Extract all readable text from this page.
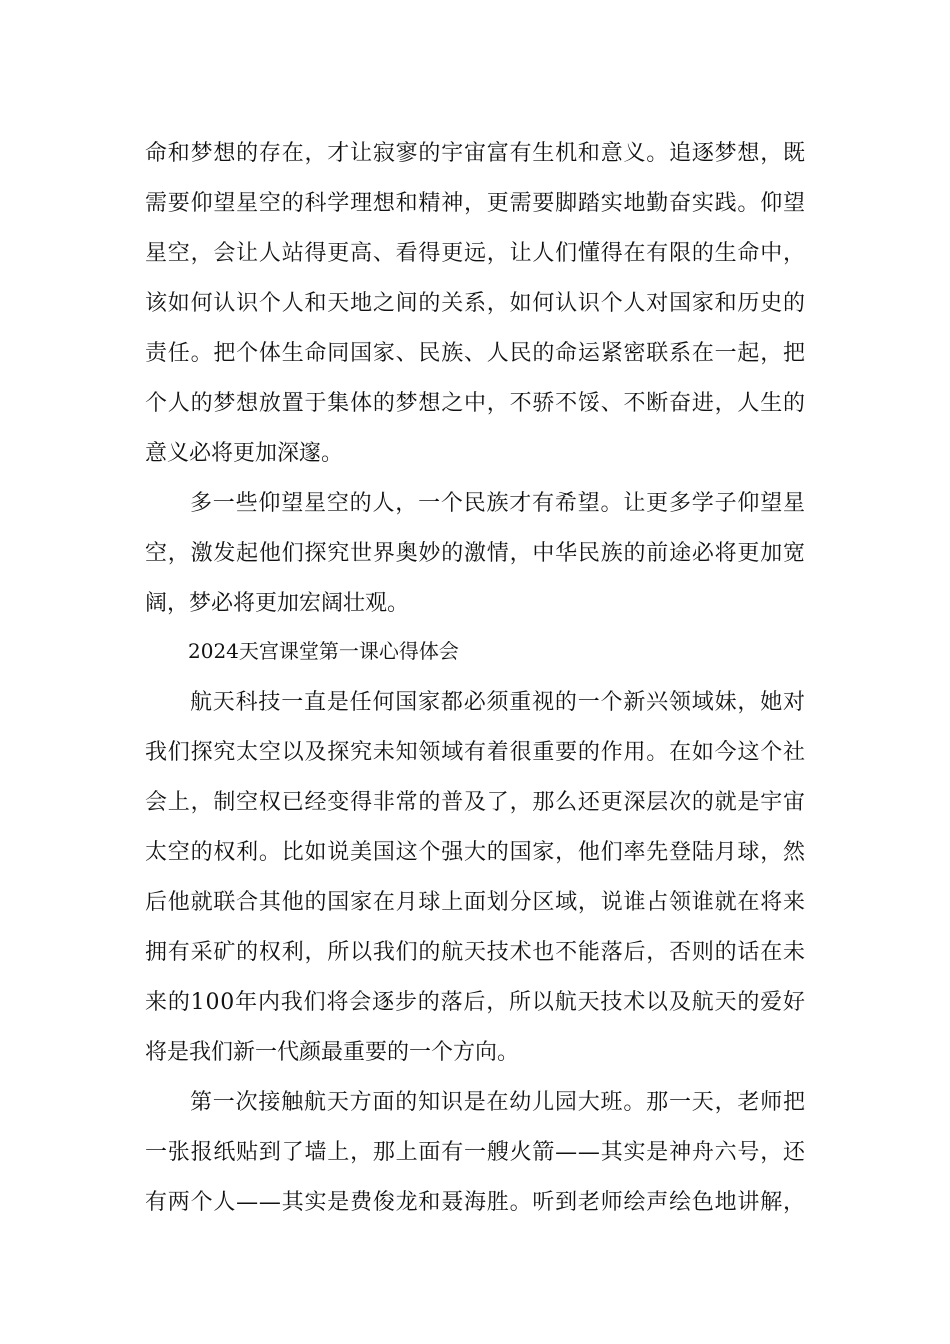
命和梦想的存在，才让寂寥的宇宙富有生机和意义。追逐梦想，既
需要仰望星空的科学理想和精神，更需要脚踏实地勤奋实践。仰望
星空，会让人站得更高、看得更远，让人们懂得在有限的生命中，
该如何认识个人和天地之间的关系，如何认识个人对国家和历史的
责任。把个体生命同国家、民族、人民的命运紧密联系在一起，把
个人的梦想放置于集体的梦想之中，不骄不馁、不断奋进，人生的
意义必将更加深邃。
多一些仰望星空的人，一个民族才有希望。让更多学子仰望星
空，激发起他们探究世界奥妙的激情，中华民族的前途必将更加宽
阔，梦必将更加宏阔壮观。
2024天宫课堂第一课心得体会
航天科技一直是任何国家都必须重视的一个新兴领域妹，她对
我们探究太空以及探究未知领域有着很重要的作用。在如今这个社
会上，制空权已经变得非常的普及了，那么还更深层次的就是宇宙
太空的权利。比如说美国这个强大的国家，他们率先登陆月球，然
后他就联合其他的国家在月球上面划分区域，说谁占领谁就在将来
拥有采矿的权利，所以我们的航天技术也不能落后，否则的话在未
来的100年内我们将会逐步的落后，所以航天技术以及航天的爱好
将是我们新一代颜最重要的一个方向。
第一次接触航天方面的知识是在幼儿园大班。那一天，老师把
一张报纸贴到了墙上，那上面有一艘火箭——其实是神舟六号，还
有两个人——其实是费俊龙和聂海胜。听到老师绘声绘色地讲解，
